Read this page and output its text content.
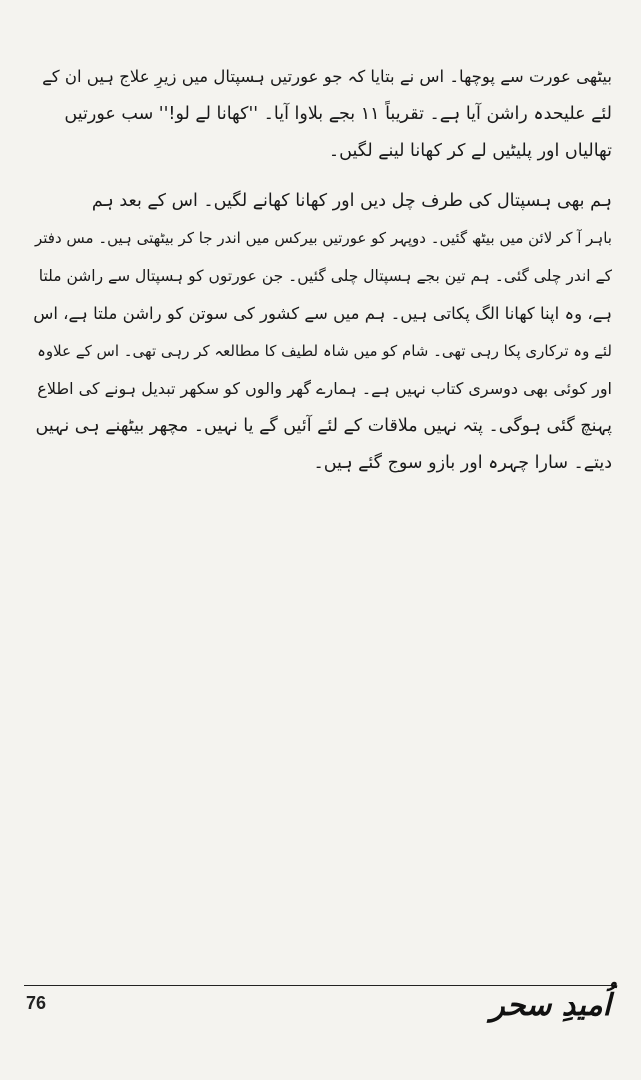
بیٹھی عورت سے پوچھا۔ اس نے بتایا کہ جو عورتیں ہسپتال میں زیرِ علاج ہیں ان کے
لئے علیحدہ راشن آیا ہے۔ تقریباً ۱۱ بجے بلاوا آیا۔ ''کھانا لے لو!'' سب عورتیں
تھالیاں اور پلیٹیں لے کر کھانا لینے لگیں۔
ہم بھی ہسپتال کی طرف چل دیں اور کھانا کھانے لگیں۔ اس کے بعد ہم
باہر آ کر لائن میں بیٹھ گئیں۔ دوپہر کو عورتیں بیرکس میں اندر جا کر بیٹھتی ہیں۔ مس دفتر
کے اندر چلی گئی۔ ہم تین بجے ہسپتال چلی گئیں۔ جن عورتوں کو ہسپتال سے راشن ملتا
ہے، وہ اپنا کھانا الگ پکاتی ہیں۔ ہم میں سے کشور کی سوتن کو راشن ملتا ہے، اس
لئے وہ ترکاری پکا رہی تھی۔ شام کو میں شاہ لطیف کا مطالعہ کر رہی تھی۔ اس کے علاوہ
اور کوئی بھی دوسری کتاب نہیں ہے۔ ہمارے گھر والوں کو سکھر تبدیل ہونے کی اطلاع
پہنچ گئی ہوگی۔ پتہ نہیں ملاقات کے لئے آئیں گے یا نہیں۔ مچھر بیٹھنے ہی نہیں
دیتے۔ سارا چہرہ اور بازو سوج گئے ہیں۔
76	اُمیدِ سحر
